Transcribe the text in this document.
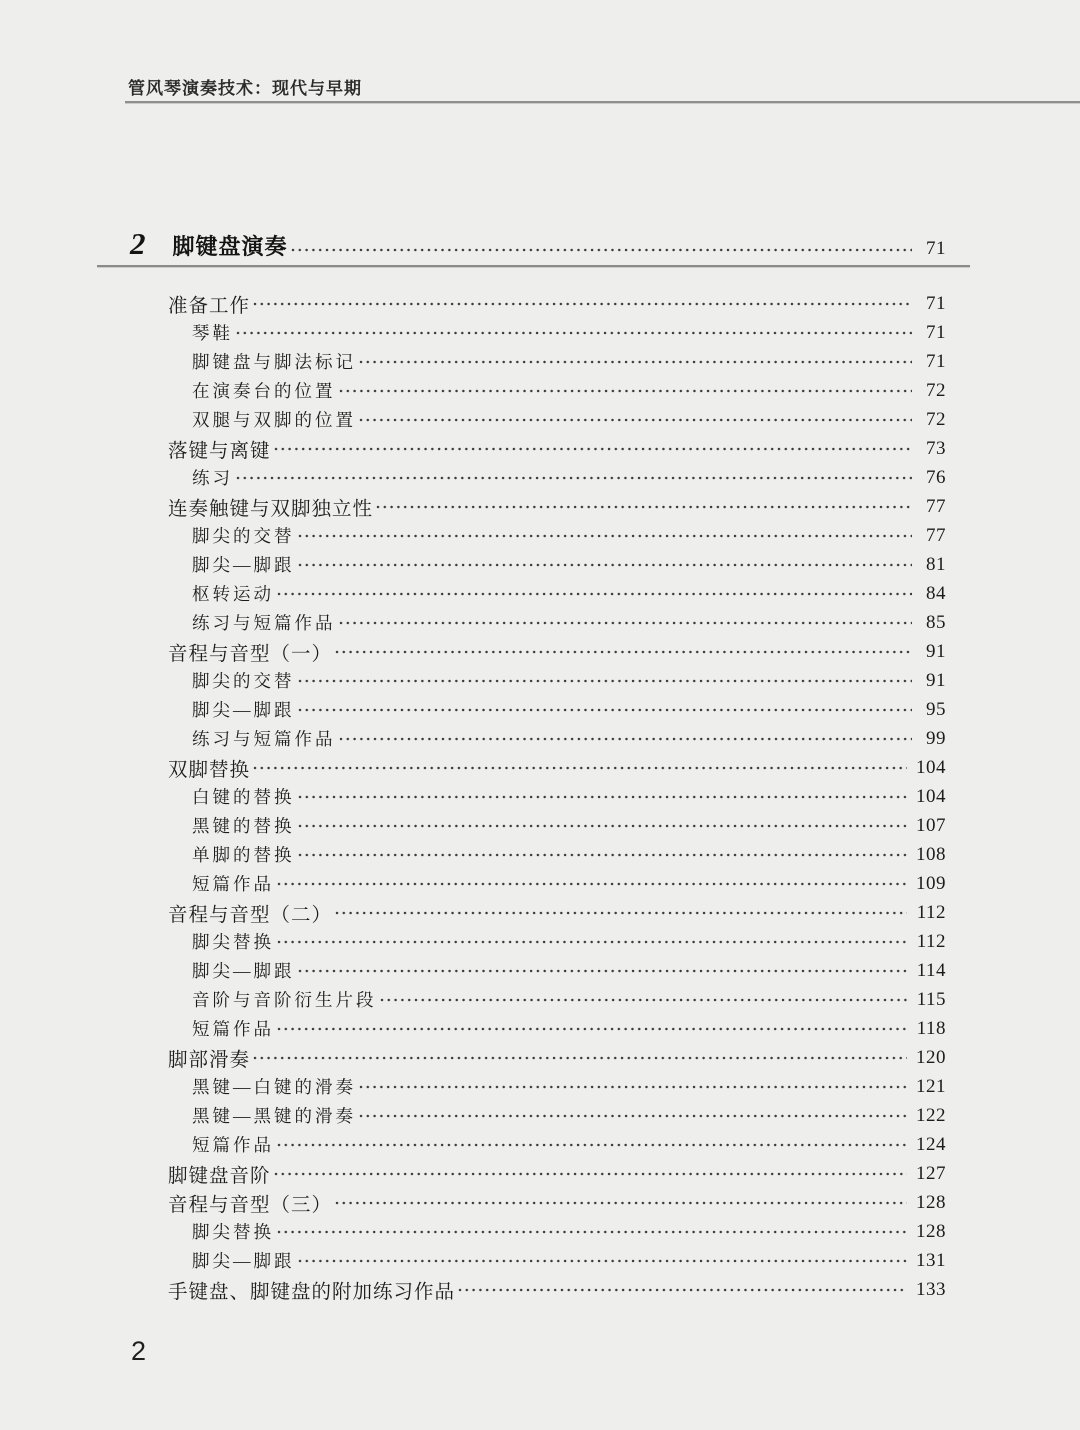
管风琴演奏技术：现代与早期
2 脚键盘演奏	71
准备工作	71
琴鞋	71
脚键盘与脚法标记	71
在演奏台的位置	72
双腿与双脚的位置	72
落键与离键	73
练习	76
连奏触键与双脚独立性	77
脚尖的交替	77
脚尖—脚跟	81
枢转运动	84
练习与短篇作品	85
音程与音型（一）	91
脚尖的交替	91
脚尖—脚跟	95
练习与短篇作品	99
双脚替换	104
白键的替换	104
黑键的替换	107
单脚的替换	108
短篇作品	109
音程与音型（二）	112
脚尖替换	112
脚尖—脚跟	114
音阶与音阶衍生片段	115
短篇作品	118
脚部滑奏	120
黑键—白键的滑奏	121
黑键—黑键的滑奏	122
短篇作品	124
脚键盘音阶	127
音程与音型（三）	128
脚尖替换	128
脚尖—脚跟	131
手键盘、脚键盘的附加练习作品	133
2
